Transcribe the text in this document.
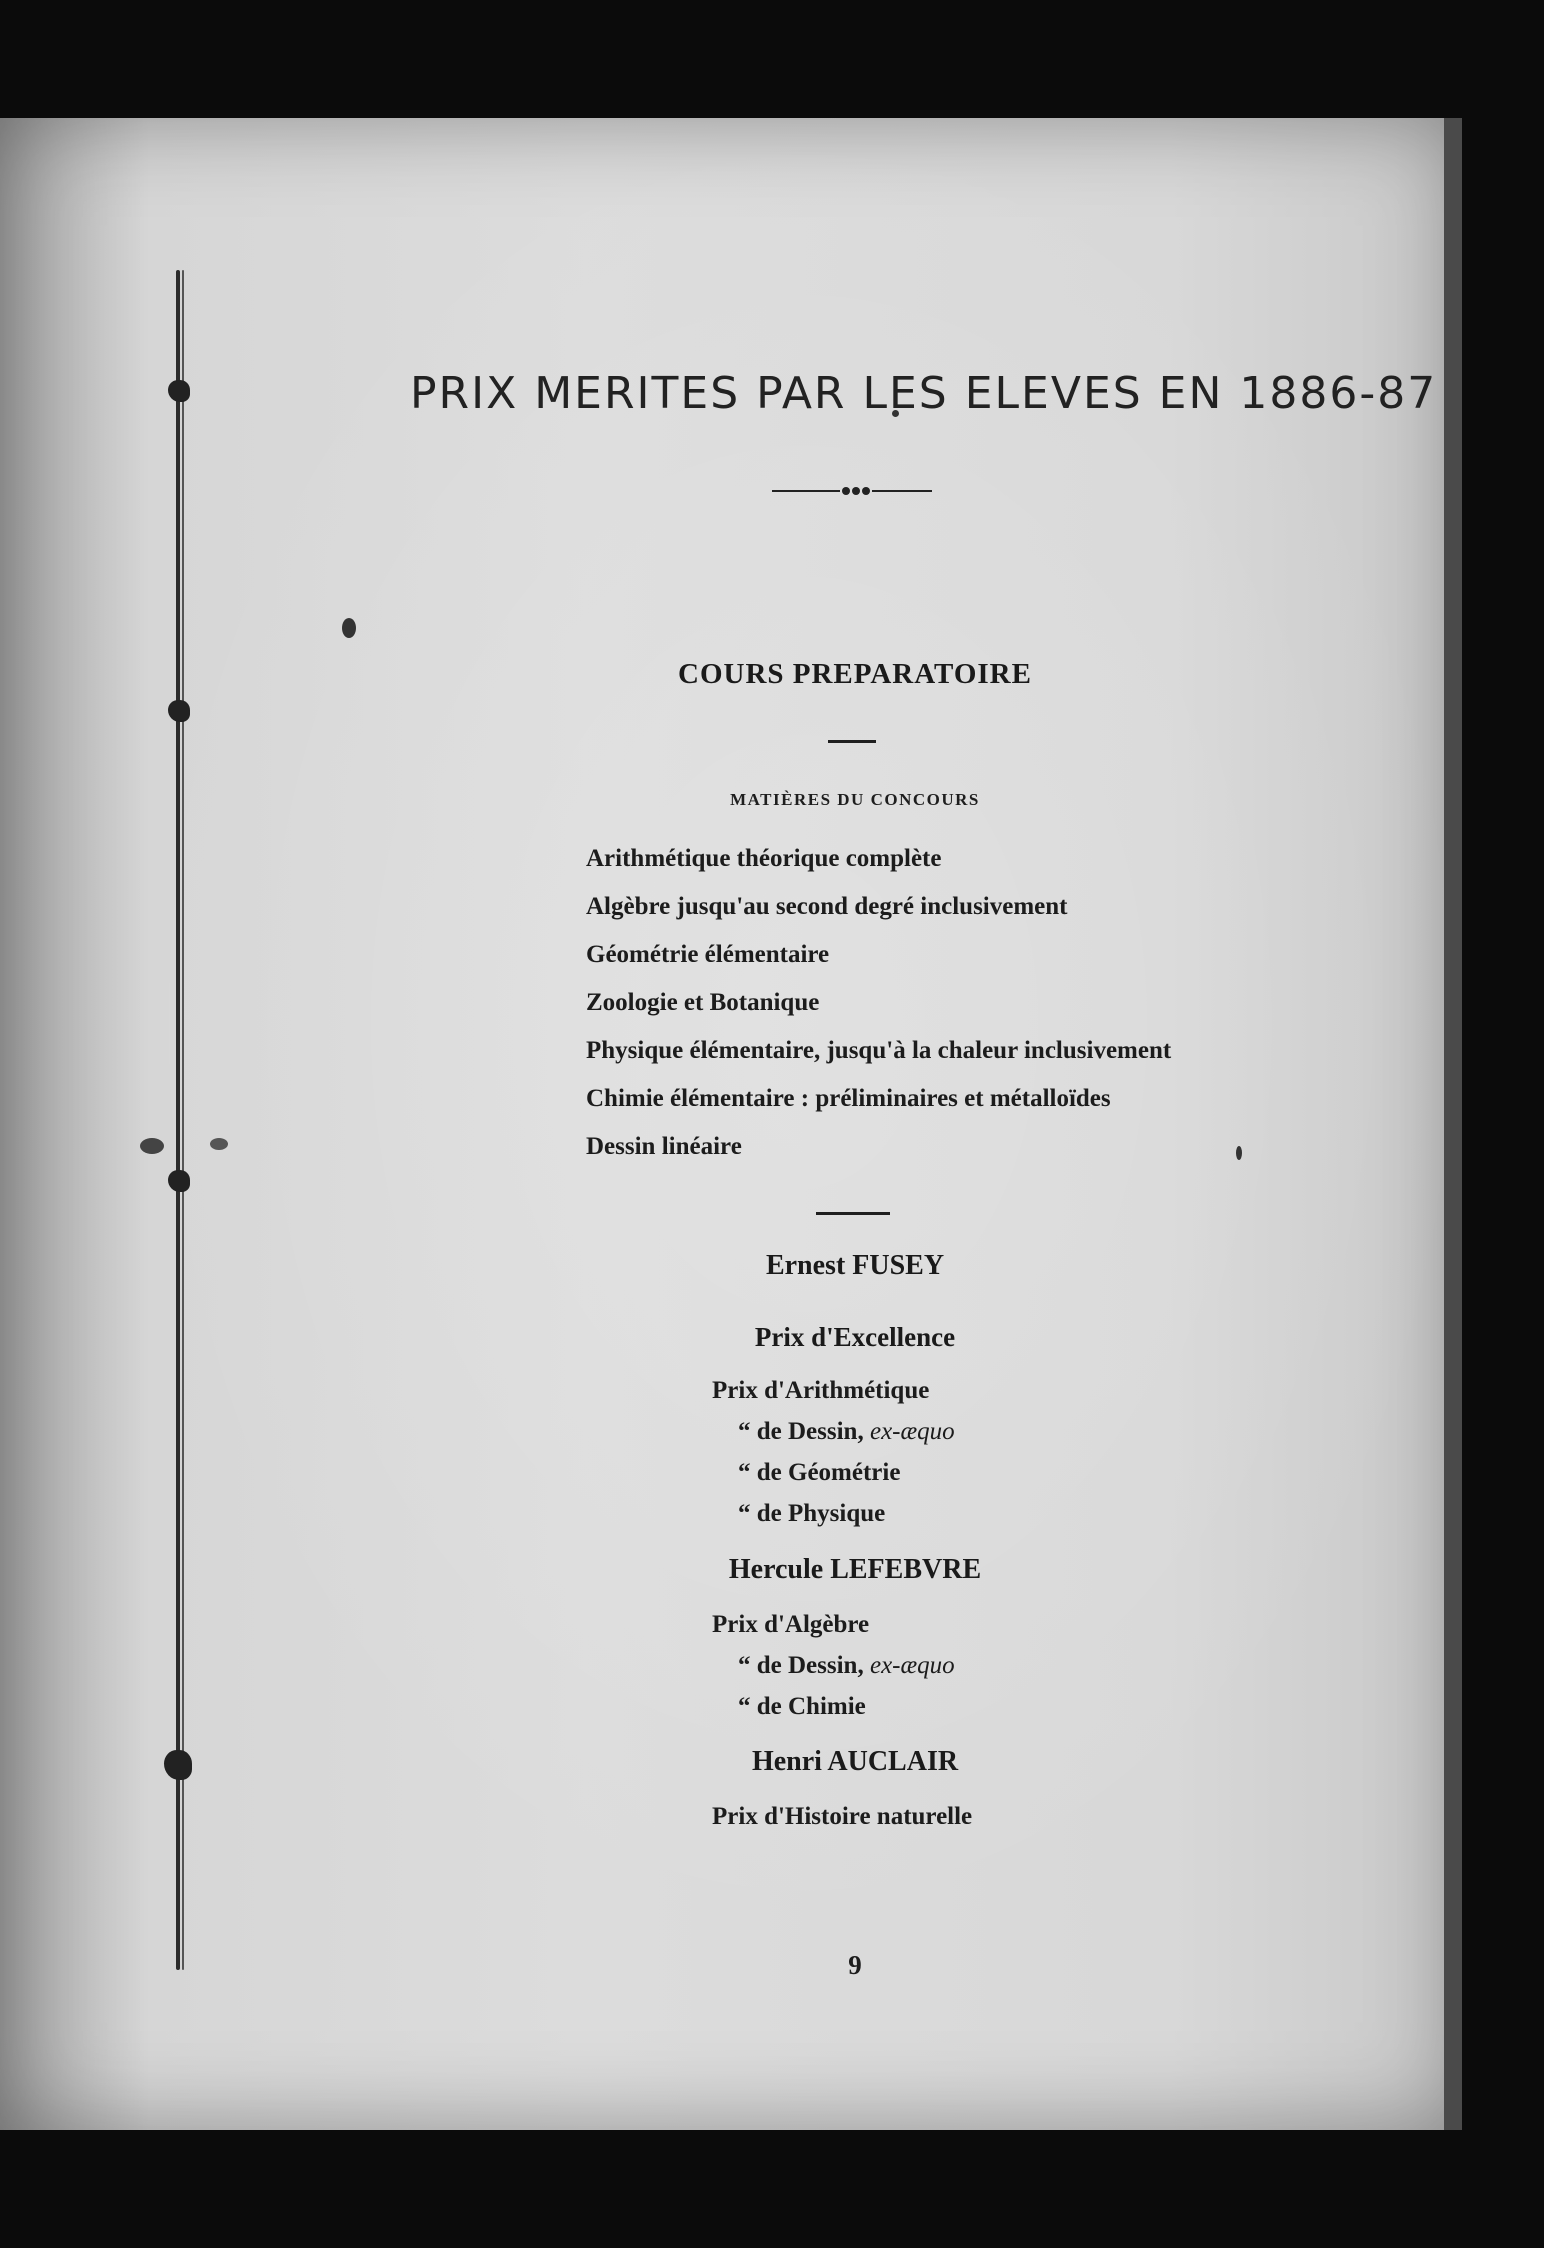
PRIX MERITES PAR LES ELEVES EN 1886-87
COURS PREPARATOIRE
MATIÈRES DU CONCOURS
Arithmétique théorique complète
Algèbre jusqu'au second degré inclusivement
Géométrie élémentaire
Zoologie et Botanique
Physique élémentaire, jusqu'à la chaleur inclusivement
Chimie élémentaire : préliminaires et métalloïdes
Dessin linéaire
Ernest FUSEY
Prix d'Excellence
Prix d'Arithmétique
“ de Dessin, ex-æquo
“ de Géométrie
“ de Physique
Hercule LEFEBVRE
Prix d'Algèbre
“ de Dessin, ex-æquo
“ de Chimie
Henri AUCLAIR
Prix d'Histoire naturelle
9
